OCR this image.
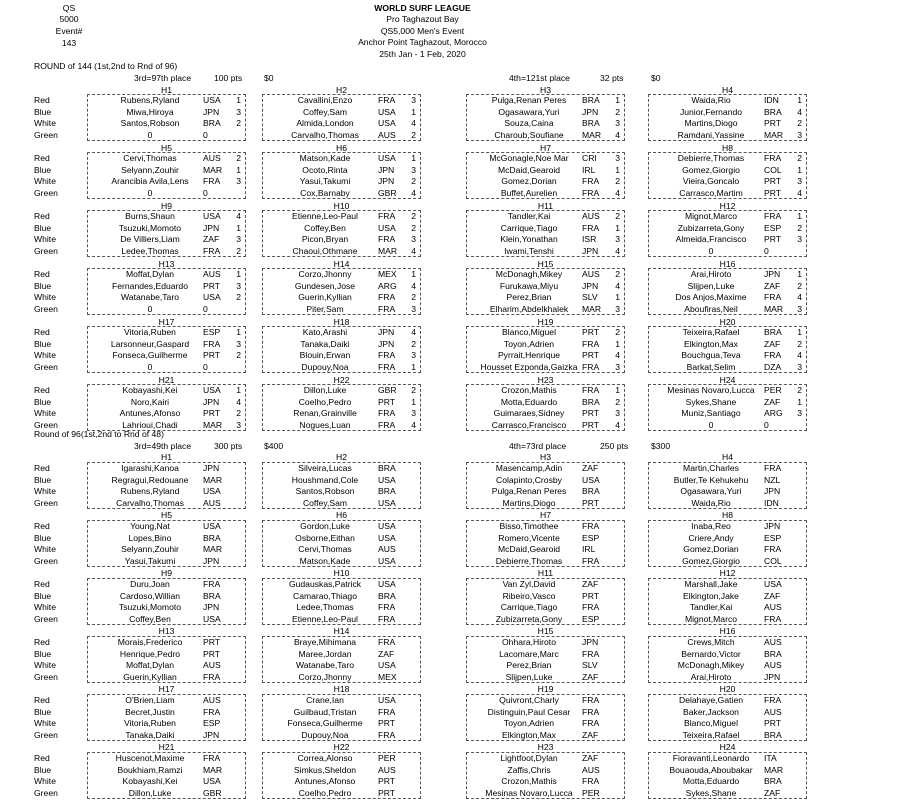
QS
5000
Event#
143
WORLD SURF LEAGUE
Pro Taghazout Bay
QS5,000 Men's Event
Anchor Point Taghazout, Morocco
25th Jan - 1 Feb, 2020
ROUND of 144 (1st,2nd to Rnd of 96)
3rd=97th place	100 pts	$0	4th=121st place	32 pts	$0
H1
Red	Rubens,Ryland	USA	1
Blue	Miwa,Hiroya	JPN	3
White	Santos,Robson	BRA	2
Green	0	0
H2
Cavallini,Enzo	FRA	3
Coffey,Sam	USA	1
Almida,London	USA	4
Carvalho,Thomas	AUS	2
H3
Pulga,Renan Peres	BRA	1
Ogasawara,Yuri	JPN	2
Souza,Caina	BRA	3
Charoub,Soufiane	MAR	4
H4
Waida,Rio	IDN	1
Junior,Fernando	BRA	4
Martins,Diogo	PRT	2
Ramdani,Yassine	MAR	3
H5
Red	Cervi,Thomas	AUS	2
Blue	Selyann,Zouhir	MAR	1
White	Arancibia Avila,Lens	FRA	3
Green	0	0
H6
Matson,Kade	USA	1
Ocoto,Rinta	JPN	3
Yasui,Takumi	JPN	2
Cox,Barnaby	GBR	4
H7
McGonagle,Noe Mar	CRI	3
McDaid,Gearoid	IRL	1
Gomez,Dorian	FRA	2
Buffet,Aurelien	FRA	4
H8
Debierre,Thomas	FRA	2
Gomez,Giorgio	COL	1
Vieira,Goncalo	PRT	3
Carrasco,Martim	PRT	4
H9
Red	Burns,Shaun	USA	4
Blue	Tsuzuki,Momoto	JPN	1
White	De Villiers,Liam	ZAF	3
Green	Ledee,Thomas	FRA	2
H10
Etienne,Leo-Paul	FRA	2
Coffey,Ben	USA	2
Picon,Bryan	FRA	3
Chaoui,Othmane	MAR	4
H11
Tandler,Kai	AUS	2
Carrique,Tiago	FRA	1
Klein,Yonathan	ISR	3
Iwami,Tenshi	JPN	4
H12
Mignot,Marco	FRA	1
Zubizarreta,Gony	ESP	2
Almeida,Francisco	PRT	3
0	0
H13
Red	Moffat,Dylan	AUS	1
Blue	Fernandes,Eduardo	PRT	3
White	Watanabe,Taro	USA	2
Green	0	0
H14
Corzo,Jhonny	MEX	1
Gundesen,Jose	ARG	4
Guerin,Kyllian	FRA	2
Piter,Sam	FRA	3
H15
McDonagh,Mikey	AUS	2
Furukawa,Miyu	JPN	4
Perez,Brian	SLV	1
Elharim,Abdelkhalek	MAR	3
H16
Arai,Hiroto	JPN	1
Slijpen,Luke	ZAF	2
Dos Anjos,Maxime	FRA	4
Aboufiras,Neil	MAR	3
H17
Red	Vitoria,Ruben	ESP	1
Blue	Larsonneur,Gaspard	FRA	3
White	Fonseca,Guilherme	PRT	2
Green	0	0
H18
Kato,Arashi	JPN	4
Tanaka,Daiki	JPN	2
Blouin,Erwan	FRA	3
Dupouy,Noa	FRA	1
H19
Blanco,Miguel	PRT	2
Toyon,Adrien	FRA	1
Pyrrait,Henrique	PRT	4
Housset Ezponda,Gaizka FRA	3
H20
Teixeira,Rafael	BRA	1
Elkington,Max	ZAF	2
Bouchgua,Teva	FRA	4
Barkat,Selim	DZA	3
H21
Red	Kobayashi,Kei	USA	1
Blue	Noro,Kairi	JPN	4
White	Antunes,Afonso	PRT	2
Green	Lahrioui,Chadi	MAR	3
H22
Dillon,Luke	GBR	2
Coelho,Pedro	PRT	1
Renan,Grainville	FRA	3
Nogues,Luan	FRA	4
H23
Crozon,Mathis	FRA	1
Motta,Eduardo	BRA	2
Guimaraes,Sidney	PRT	3
Carrasco,Francisco	PRT	4
H24
Mesinas Novaro,Lucca	PER	2
Sykes,Shane	ZAF	1
Muniz,Santiago	ARG	3
0	0
Round of 96(1st,2nd to Rnd of 48)
3rd=49th place	300 pts	$400	4th=73rd place	250 pts	$300
H1
Red	Igarashi,Kanoa	JPN
Blue	Regragui,Redouane	MAR
White	Rubens,Ryland	USA
Green	Carvalho,Thomas	AUS
H2
Silveira,Lucas	BRA
Houshmand,Cole	USA
Santos,Robson	BRA
Coffey,Sam	USA
H3
Masencamp,Adin	ZAF
Colapinto,Crosby	USA
Pulga,Renan Peres	BRA
Martins,Diogo	PRT
H4
Martin,Charles	FRA
Butler,Te Kehukehu	NZL
Ogasawara,Yuri	JPN
Waida,Rio	IDN
H5
Red	Young,Nat	USA
Blue	Lopes,Bino	BRA
White	Selyann,Zouhir	MAR
Green	Yasui,Takumi	JPN
H6
Gordon,Luke	USA
Osborne,Eithan	USA
Cervi,Thomas	AUS
Matson,Kade	USA
H7
Bisso,Timothee	FRA
Romero,Vicente	ESP
McDaid,Gearoid	IRL
Debierre,Thomas	FRA
H8
Inaba,Reo	JPN
Criere,Andy	ESP
Gomez,Dorian	FRA
Gomez,Giorgio	COL
H9
Red	Duru,Joan	FRA
Blue	Cardoso,Willian	BRA
White	Tsuzuki,Momoto	JPN
Green	Coffey,Ben	USA
H10
Gudauskas,Patrick	USA
Camarao,Thiago	BRA
Ledee,Thomas	FRA
Etienne,Leo-Paul	FRA
H11
Van Zyl,David	ZAF
Ribeiro,Vasco	PRT
Carrique,Tiago	FRA
Zubizarreta,Gony	ESP
H12
Marshall,Jake	USA
Elkington,Jake	ZAF
Tandler,Kai	AUS
Mignot,Marco	FRA
H13
Red	Morais,Frederico	PRT
Blue	Henrique,Pedro	PRT
White	Moffat,Dylan	AUS
Green	Guerin,Kyllian	FRA
H14
Braye,Mihimana	FRA
Maree,Jordan	ZAF
Watanabe,Taro	USA
Corzo,Jhonny	MEX
H15
Ohhara,Hiroto	JPN
Lacomare,Marc	FRA
Perez,Brian	SLV
Slijpen,Luke	ZAF
H16
Crews,Mitch	AUS
Bernardo,Victor	BRA
McDonagh,Mikey	AUS
Arai,Hiroto	JPN
H17
Red	O'Brien,Liam	AUS
Blue	Becret,Justin	FRA
White	Vitoria,Ruben	ESP
Green	Tanaka,Daiki	JPN
H18
Crane,Ian	USA
Guilbaud,Tristan	FRA
Fonseca,Guilherme	PRT
Dupouy,Noa	FRA
H19
Quivront,Charly	FRA
Distinguin,Paul Cesar	FRA
Toyon,Adrien	FRA
Elkington,Max	ZAF
H20
Delahaye,Gatien	FRA
Baker,Jackson	AUS
Blanco,Miguel	PRT
Teixeira,Rafael	BRA
H21
Red	Huscenot,Maxime	FRA
Blue	Boukhiam,Ramzi	MAR
White	Kobayashi,Kei	USA
Green	Dillon,Luke	GBR
H22
Correa,Alonso	PER
Simkus,Sheldon	AUS
Antunes,Afonso	PRT
Coelho,Pedro	PRT
H23
Lightfoot,Dylan	ZAF
Zaffis,Chris	AUS
Crozon,Mathis	FRA
Mesinas Novaro,Lucca	PER
H24
Fioravanti,Leonardo	ITA
Bouaouda,Aboubakar	MAR
Motta,Eduardo	BRA
Sykes,Shane	ZAF
